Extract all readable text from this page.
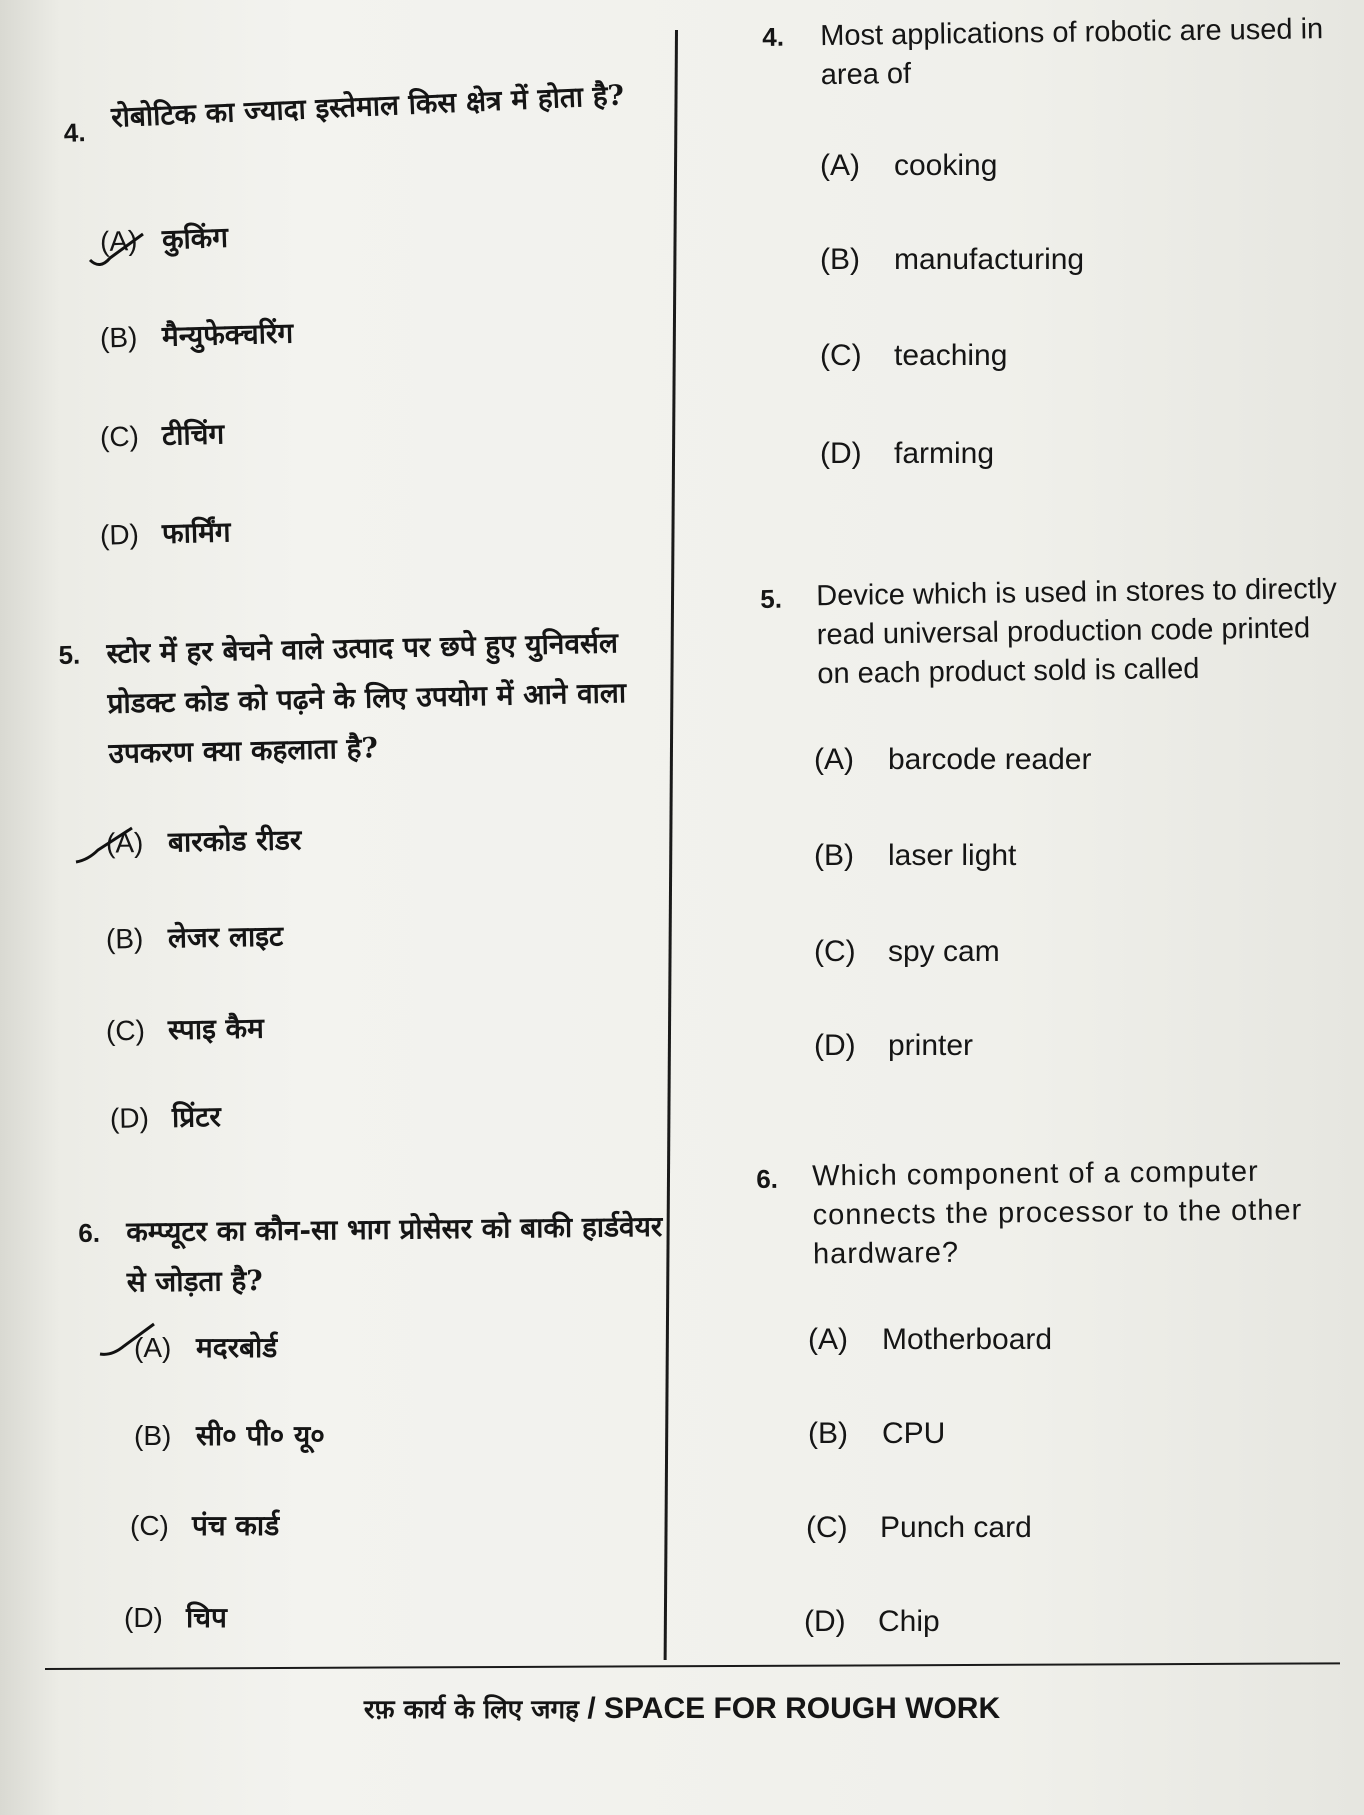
4. रोबोटिक का ज्यादा इस्तेमाल किस क्षेत्र में होता है?
(A) कुकिंग
(B) मैन्युफेक्चरिंग
(C) टीचिंग
(D) फार्मिंग
5. स्टोर में हर बेचने वाले उत्पाद पर छपे हुए युनिवर्सल प्रोडक्ट कोड को पढ़ने के लिए उपयोग में आने वाला उपकरण क्या कहलाता है?
(A) बारकोड रीडर
(B) लेजर लाइट
(C) स्पाइ कैम
(D) प्रिंटर
6. कम्प्यूटर का कौन-सा भाग प्रोसेसर को बाकी हार्डवेयर से जोड़ता है?
(A) मदरबोर्ड
(B) सी० पी० यू०
(C) पंच कार्ड
(D) चिप
4. Most applications of robotic are used in area of
(A) cooking
(B) manufacturing
(C) teaching
(D) farming
5. Device which is used in stores to directly read universal production code printed on each product sold is called
(A) barcode reader
(B) laser light
(C) spy cam
(D) printer
6. Which component of a computer connects the processor to the other hardware?
(A) Motherboard
(B) CPU
(C) Punch card
(D) Chip
रफ़ कार्य के लिए जगह / SPACE FOR ROUGH WORK
